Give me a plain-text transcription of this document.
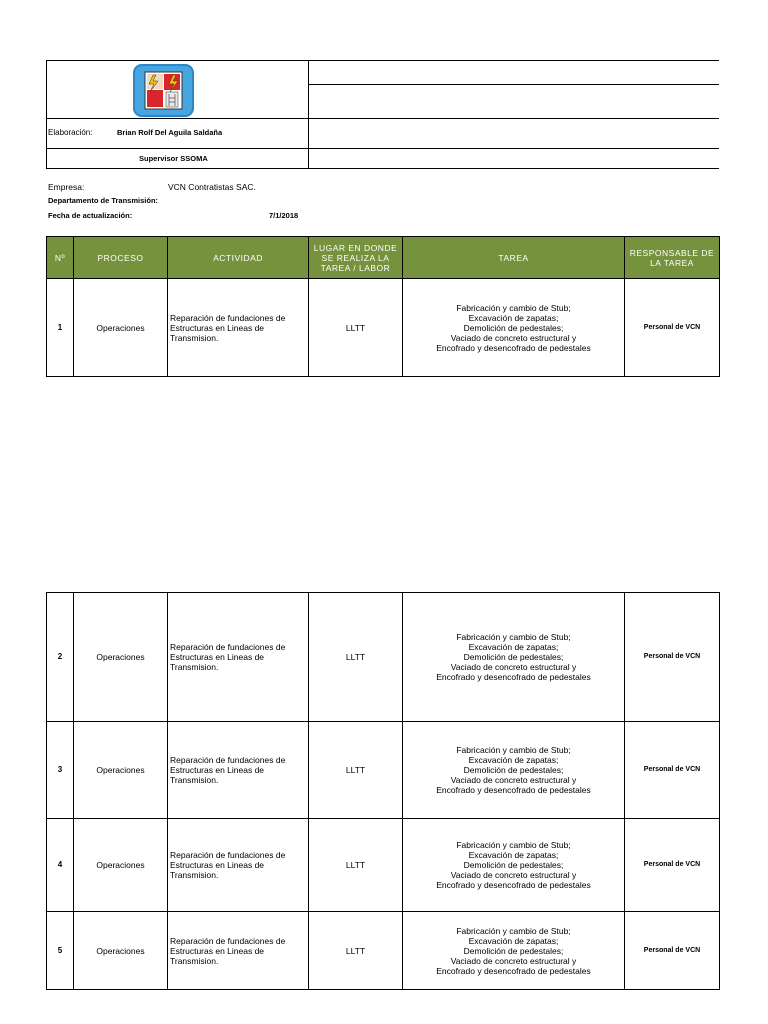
Elaboración:	Brian Rolf Del Aguila Saldaña
Supervisor SSOMA
Empresa:	VCN Contratistas SAC.
Departamento de Transmisión:
Fecha de actualización:	7/1/2018
Nº	PROCESO	ACTIVIDAD	LUGAR EN DONDE SE REALIZA LA TAREA / LABOR	TAREA	RESPONSABLE DE LA TAREA
1	Operaciones	Reparación de fundaciones de Estructuras en Lineas de Transmision.	LLTT	Fabricación y cambio de Stub;
Excavación de zapatas;
Demolición de pedestales;
Vaciado de concreto estructural y
Encofrado y desencofrado de pedestales	Personal de VCN
2	Operaciones	Reparación de fundaciones de Estructuras en Lineas de Transmision.	LLTT	Fabricación y cambio de Stub;
Excavación de zapatas;
Demolición de pedestales;
Vaciado de concreto estructural y
Encofrado y desencofrado de pedestales	Personal de VCN
3	Operaciones	Reparación de fundaciones de Estructuras en Lineas de Transmision.	LLTT	Fabricación y cambio de Stub;
Excavación de zapatas;
Demolición de pedestales;
Vaciado de concreto estructural y
Encofrado y desencofrado de pedestales	Personal de VCN
4	Operaciones	Reparación de fundaciones de Estructuras en Lineas de Transmision.	LLTT	Fabricación y cambio de Stub;
Excavación de zapatas;
Demolición de pedestales;
Vaciado de concreto estructural y
Encofrado y desencofrado de pedestales	Personal de VCN
5	Operaciones	Reparación de fundaciones de Estructuras en Lineas de Transmision.	LLTT	Fabricación y cambio de Stub;
Excavación de zapatas;
Demolición de pedestales;
Vaciado de concreto estructural y
Encofrado y desencofrado de pedestales	Personal de VCN
